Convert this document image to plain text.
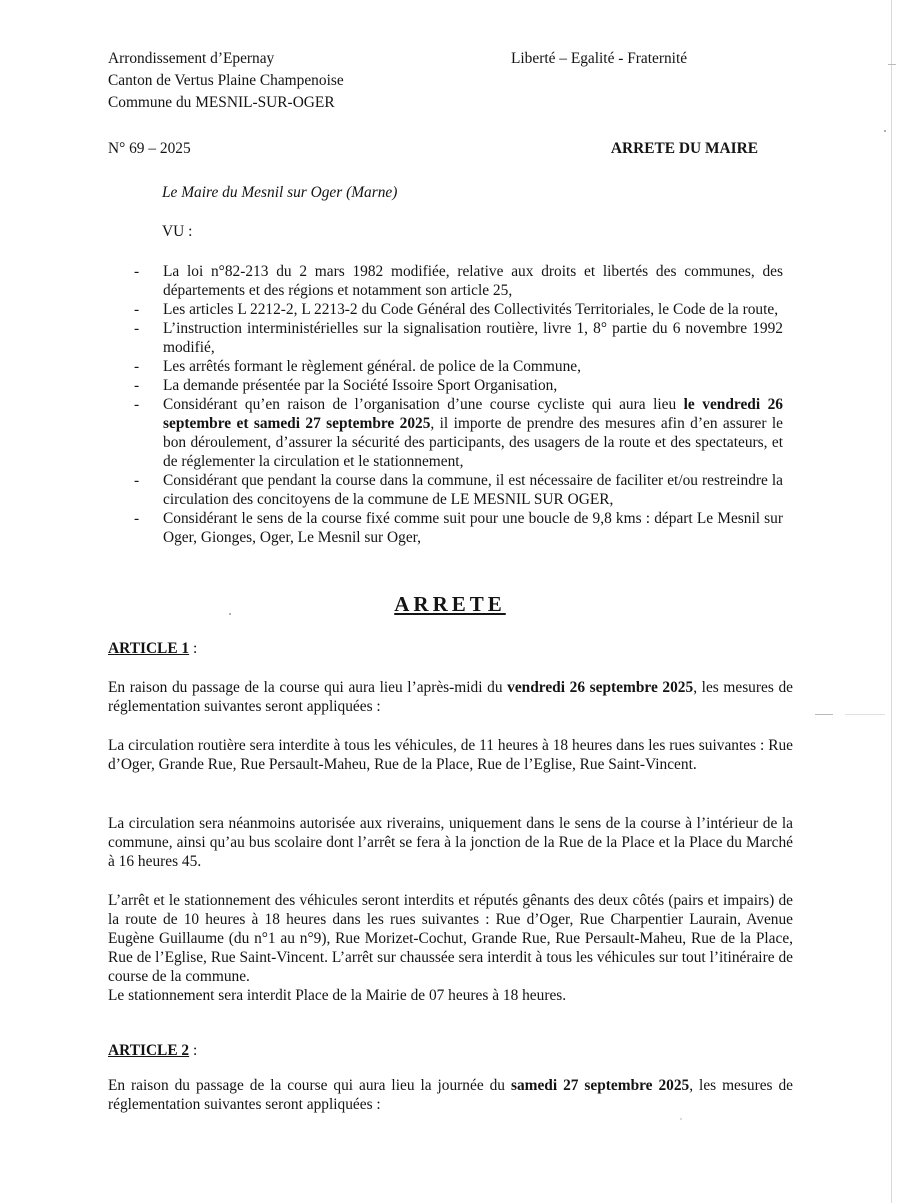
Arrondissement d’Epernay
Canton de Vertus Plaine Champenoise
Commune du MESNIL-SUR-OGER
Liberté – Egalité - Fraternité
N° 69 – 2025	ARRETE DU MAIRE
Le Maire du Mesnil sur Oger (Marne)
VU :
- La loi n°82-213 du 2 mars 1982 modifiée, relative aux droits et libertés des communes, des départements et des régions et notamment son article 25,
- Les articles L 2212-2, L 2213-2 du Code Général des Collectivités Territoriales, le Code de la route,
- L’instruction interministérielles sur la signalisation routière, livre 1, 8° partie du 6 novembre 1992 modifié,
- Les arrêtés formant le règlement général. de police de la Commune,
- La demande présentée par la Société Issoire Sport Organisation,
- Considérant qu’en raison de l’organisation d’une course cycliste qui aura lieu le vendredi 26 septembre et samedi 27 septembre 2025, il importe de prendre des mesures afin d’en assurer le bon déroulement, d’assurer la sécurité des participants, des usagers de la route et des spectateurs, et de réglementer la circulation et le stationnement,
- Considérant que pendant la course dans la commune, il est nécessaire de faciliter et/ou restreindre la circulation des concitoyens de la commune de LE MESNIL SUR OGER,
- Considérant le sens de la course fixé comme suit pour une boucle de 9,8 kms : départ Le Mesnil sur Oger, Gionges, Oger, Le Mesnil sur Oger,
ARRETE
ARTICLE 1 :
En raison du passage de la course qui aura lieu l’après-midi du vendredi 26 septembre 2025, les mesures de réglementation suivantes seront appliquées :
La circulation routière sera interdite à tous les véhicules, de 11 heures à 18 heures dans les rues suivantes : Rue d’Oger, Grande Rue, Rue Persault-Maheu, Rue de la Place, Rue de l’Eglise, Rue Saint-Vincent.
La circulation sera néanmoins autorisée aux riverains, uniquement dans le sens de la course à l’intérieur de la commune, ainsi qu’au bus scolaire dont l’arrêt se fera à la jonction de la Rue de la Place et la Place du Marché à 16 heures 45.

L’arrêt et le stationnement des véhicules seront interdits et réputés gênants des deux côtés (pairs et impairs) de la route de 10 heures à 18 heures dans les rues suivantes : Rue d’Oger, Rue Charpentier Laurain, Avenue Eugène Guillaume (du n°1 au n°9), Rue Morizet-Cochut, Grande Rue, Rue Persault-Maheu, Rue de la Place, Rue de l’Eglise, Rue Saint-Vincent. L’arrêt sur chaussée sera interdit à tous les véhicules sur tout l’itinéraire de course de la commune.

Le stationnement sera interdit Place de la Mairie de 07 heures à 18 heures.

ARTICLE 2 :
En raison du passage de la course qui aura lieu la journée du samedi 27 septembre 2025, les mesures de réglementation suivantes seront appliquées :
